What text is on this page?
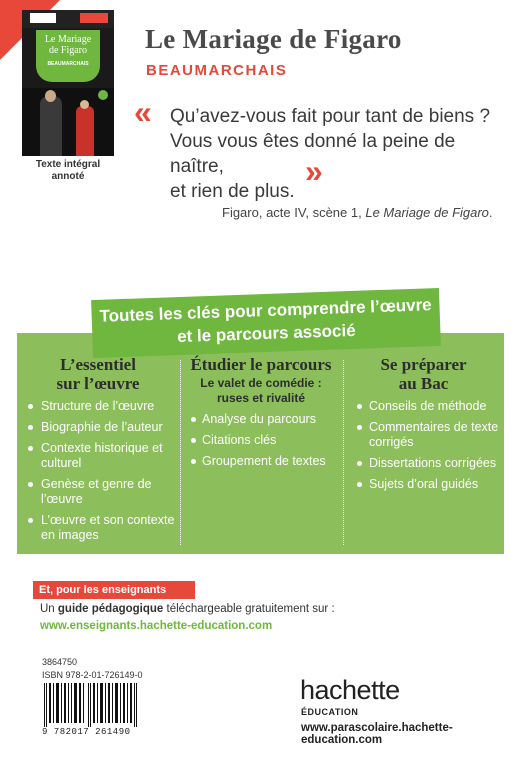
Le Mariage
de Figaro
BEAUMARCHAIS
Texte intégral
annoté
Le Mariage de Figaro
BEAUMARCHAIS
« Qu’avez-vous fait pour tant de biens ?
Vous vous êtes donné la peine de naître,
et rien de plus.
»
Figaro, acte IV, scène 1, Le Mariage de Figaro.
Toutes les clés pour comprendre l’œuvre
et le parcours associé
L’essentiel
sur l’œuvre
Structure de l’œuvre
Biographie de l’auteur
Contexte historique et culturel
Genèse et genre de l’œuvre
L’œuvre et son contexte en images
Étudier le parcours
Le valet de comédie :
ruses et rivalité
Analyse du parcours
Citations clés
Groupement de textes
Se préparer
au Bac
Conseils de méthode
Commentaires de texte corrigés
Dissertations corrigées
Sujets d’oral guidés
Et, pour les enseignants
Un guide pédagogique téléchargeable gratuitement sur :
www.enseignants.hachette-education.com
3864750
ISBN 978-2-01-726149-0
9 782017 261490
hachette
ÉDUCATION
www.parascolaire.hachette-education.com
